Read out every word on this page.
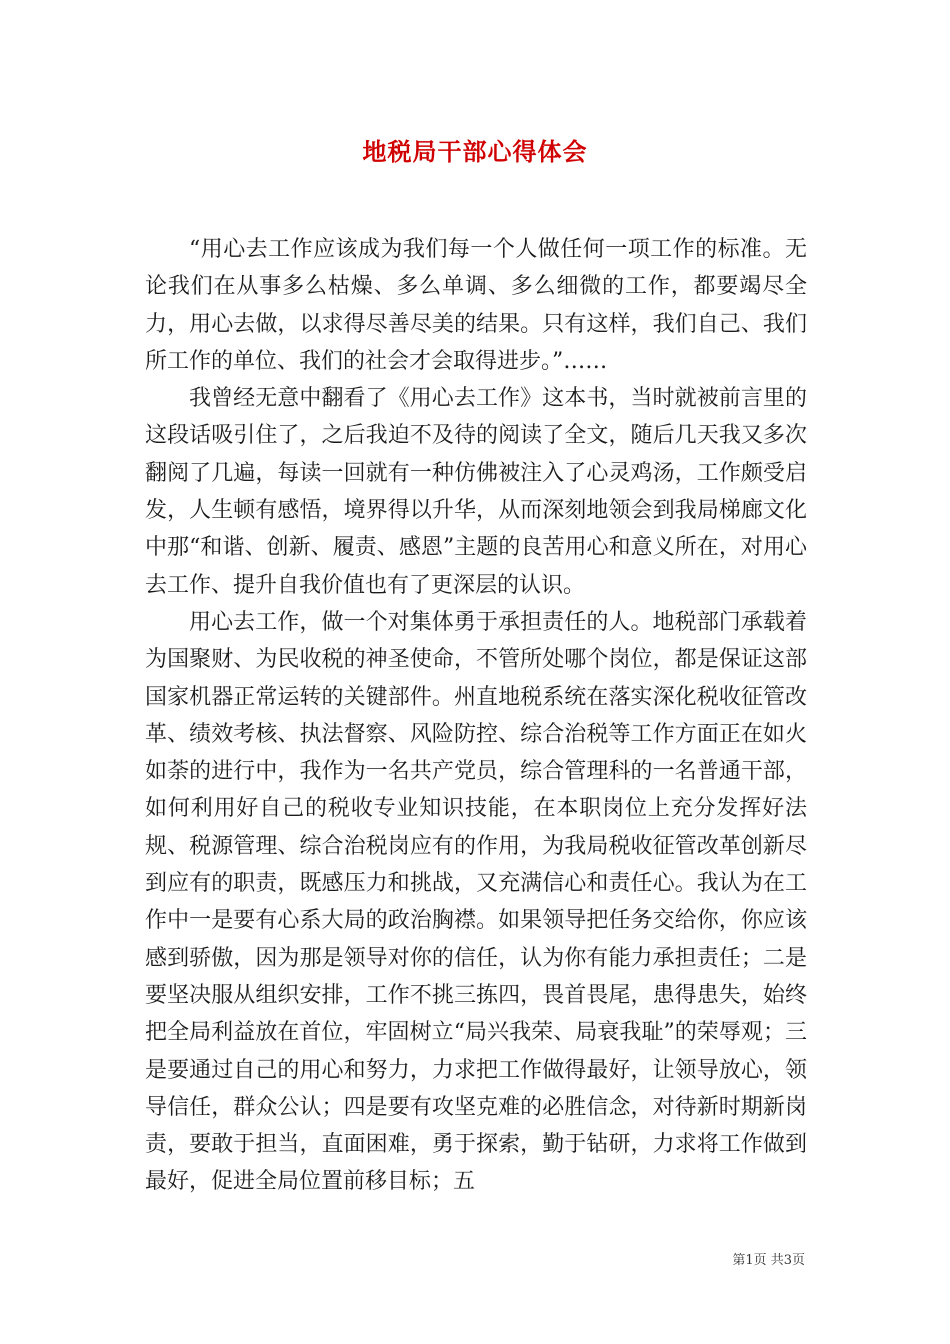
地税局干部心得体会

“用心去工作应该成为我们每一个人做任何一项工作的标准。无论我们在从事多么枯燥、多么单调、多么细微的工作，都要竭尽全力，用心去做，以求得尽善尽美的结果。只有这样，我们自己、我们所工作的单位、我们的社会才会取得进步。”……

我曾经无意中翻看了《用心去工作》这本书，当时就被前言里的这段话吸引住了，之后我迫不及待的阅读了全文，随后几天我又多次翻阅了几遍，每读一回就有一种仿佛被注入了心灵鸡汤，工作颇受启发，人生顿有感悟，境界得以升华，从而深刻地领会到我局梯廊文化中那“和谐、创新、履责、感恩”主题的良苦用心和意义所在，对用心去工作、提升自我价值也有了更深层的认识。

用心去工作，做一个对集体勇于承担责任的人。地税部门承载着为国聚财、为民收税的神圣使命，不管所处哪个岗位，都是保证这部国家机器正常运转的关键部件。州直地税系统在落实深化税收征管改革、绩效考核、执法督察、风险防控、综合治税等工作方面正在如火如荼的进行中，我作为一名共产党员，综合管理科的一名普通干部，如何利用好自己的税收专业知识技能，在本职岗位上充分发挥好法规、税源管理、综合治税岗应有的作用，为我局税收征管改革创新尽到应有的职责，既感压力和挑战，又充满信心和责任心。我认为在工作中一是要有心系大局的政治胸襟。如果领导把任务交给你，你应该感到骄傲，因为那是领导对你的信任，认为你有能力承担责任；二是要坚决服从组织安排，工作不挑三拣四，畏首畏尾，患得患失，始终把全局利益放在首位，牢固树立“局兴我荣、局衰我耻”的荣辱观；三是要通过自己的用心和努力，力求把工作做得最好，让领导放心，领导信任，群众公认；四是要有攻坚克难的必胜信念，对待新时期新岗责，要敢于担当，直面困难，勇于探索，勤于钻研，力求将工作做到最好，促进全局位置前移目标；五

第1页 共3页
